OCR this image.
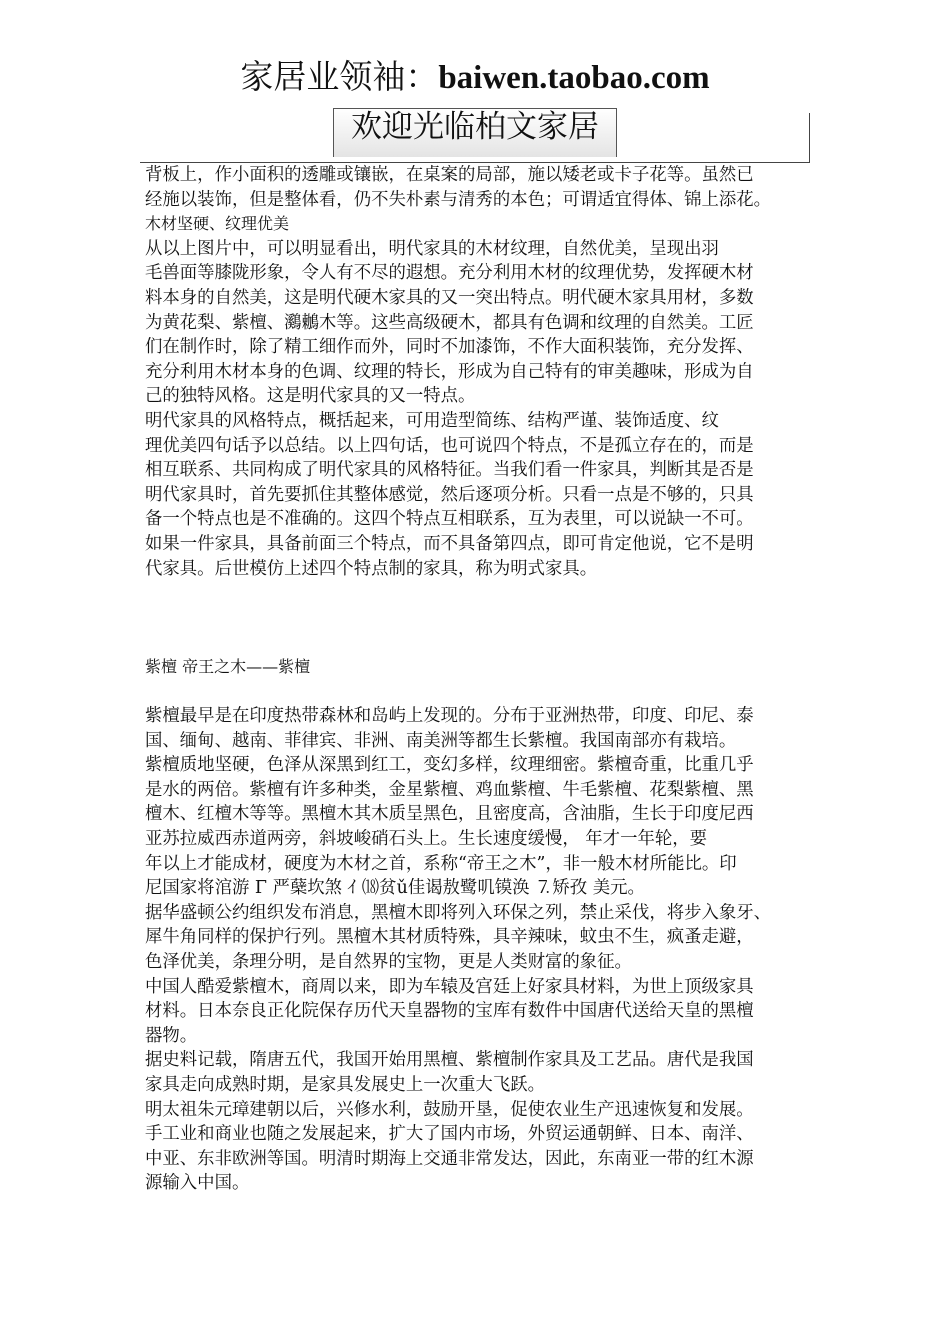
家居业领袖：baiwen.taobao.com
欢迎光临柏文家居
背板上，作小面积的透雕或镶嵌，在桌案的局部，施以矮老或卡子花等。虽然已
经施以装饰，但是整体看，仍不失朴素与清秀的本色；可谓适宜得体、锦上添花。
木材坚硬、纹理优美
从以上图片中，可以明显看出，明代家具的木材纹理，自然优美，呈现出羽
毛兽面等膝陇形象，令人有不尽的遐想。充分利用木材的纹理优势，发挥硬木材
料本身的自然美，这是明代硬木家具的又一突出特点。明代硬木家具用材，多数
为黄花梨、紫檀、鸂鶒木等。这些高级硬木，都具有色调和纹理的自然美。工匠
们在制作时，除了精工细作而外，同时不加漆饰，不作大面积装饰，充分发挥、
充分利用木材本身的色调、纹理的特长，形成为自己特有的审美趣味，形成为自
己的独特风格。这是明代家具的又一特点。
明代家具的风格特点，概括起来，可用造型简练、结构严谨、装饰适度、纹
理优美四句话予以总结。以上四句话，也可说四个特点，不是孤立存在的，而是
相互联系、共同构成了明代家具的风格特征。当我们看一件家具，判断其是否是
明代家具时，首先要抓住其整体感觉，然后逐项分析。只看一点是不够的，只具
备一个特点也是不准确的。这四个特点互相联系，互为表里，可以说缺一不可。
如果一件家具，具备前面三个特点，而不具备第四点，即可肯定他说，它不是明
代家具。后世模仿上述四个特点制的家具，称为明式家具。
紫檀 帝王之木——紫檀
紫檀最早是在印度热带森林和岛屿上发现的。分布于亚洲热带，印度、印尼、泰
国、缅甸、越南、菲律宾、非洲、南美洲等都生长紫檀。我国南部亦有栽培。
紫檀质地坚硬，色泽从深黑到红工，变幻多样，纹理细密。紫檀奇重，比重几乎
是水的两倍。紫檀有许多种类，金星紫檀、鸡血紫檀、牛毛紫檀、花梨紫檀、黑
檀木、红檀木等等。黑檀木其木质呈黑色，且密度高，含油脂，生长于印度尼西
亚苏拉威西赤道两旁，斜坡峻硝石头上。生长速度缓慢， 年才一年轮，要
年以上才能成材，硬度为木材之首，系称“帝王之木”，非一般木材所能比。印
尼国家将涫游 Γ 严蘖坎煞 ｲ ⒅贫ǔ佳谒敖鹭叽镆涣 ⒎矫孜 美元。
据华盛顿公约组织发布消息，黑檀木即将列入环保之列，禁止采伐，将步入象牙、
犀牛角同样的保护行列。黑檀木其材质特殊，具辛辣味，蚊虫不生，疯蚤走避，
色泽优美，条理分明，是自然界的宝物，更是人类财富的象征。
中国人酷爱紫檀木，商周以来，即为车辕及宫廷上好家具材料，为世上顶级家具
材料。日本奈良正化院保存历代天皇器物的宝库有数件中国唐代送给天皇的黑檀
器物。
据史料记载，隋唐五代，我国开始用黑檀、紫檀制作家具及工艺品。唐代是我国
家具走向成熟时期，是家具发展史上一次重大飞跃。
明太祖朱元璋建朝以后，兴修水利，鼓励开垦，促使农业生产迅速恢复和发展。
手工业和商业也随之发展起来，扩大了国内市场，外贸运通朝鲜、日本、南洋、
中亚、东非欧洲等国。明清时期海上交通非常发达，因此，东南亚一带的红木源
源输入中国。
